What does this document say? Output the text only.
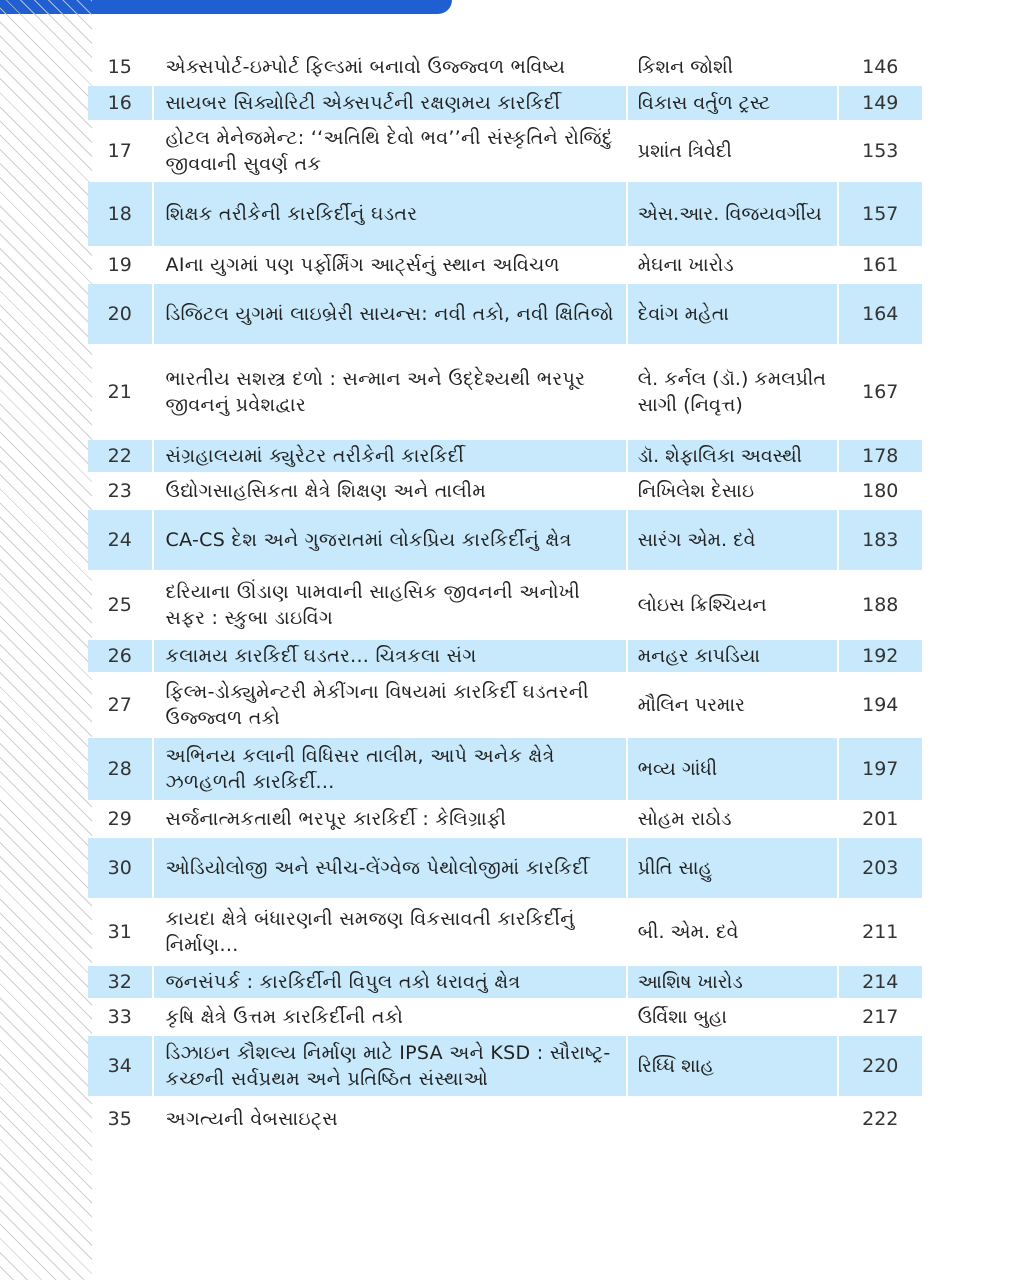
15	એક્સપોર્ટ-ઇમ્પોર્ટ ફિલ્ડમાં બનાવો ઉજ્જ્વળ ભવિષ્ય	કિશન જોશી	146
16	સાયબર સિક્યોરિટી એક્સપર્ટની રક્ષણમય કારકિર્દી	વિકાસ વર્તુળ ટ્રસ્ટ	149
17	હોટલ મેનેજમેન્ટ: ‘‘અતિથિ દેવો ભવ’’ની સંસ્કૃતિને રોજિંદું જીવવાની સુવર્ણ તક	પ્રશાંત ત્રિવેદી	153
18	શિક્ષક તરીકેની કારકિર્દીનું ઘડતર	એસ.આર. વિજયવર્ગીય	157
19	AIના યુગમાં પણ પર્ફોર્મિંગ આર્ટ્સનું સ્થાન અવિચળ	મેઘના ખારોડ	161
20	ડિજિટલ યુગમાં લાઇબ્રેરી સાયન્સ: નવી તકો, નવી ક્ષિતિજો	દેવાંગ મહેતા	164
21	ભારતીય સશસ્ત્ર દળો : સન્માન અને ઉદ્દેશ્યથી ભરપૂર જીવનનું પ્રવેશદ્વાર	લે. કર્નલ (ડૉ.) કમલપ્રીત સાગી (નિવૃત્ત)	167
22	સંગ્રહાલયમાં ક્યુરેટર તરીકેની કારકિર્દી	ડૉ. શેફાલિકા અવસ્થી	178
23	ઉદ્યોગસાહસિકતા ક્ષેત્રે શિક્ષણ અને તાલીમ	નિખિલેશ દેસાઇ	180
24	CA-CS દેશ અને ગુજરાતમાં લોકપ્રિય કારકિર્દીનું ક્ષેત્ર	સારંગ એમ. દવે	183
25	દરિયાના ઊંડાણ પામવાની સાહસિક જીવનની અનોખી સફર : સ્કુબા ડાઇવિંગ	લોઇસ ક્રિશ્ચિયન	188
26	કલામય કારકિર્દી ઘડતર... ચિત્રકલા સંગ	મનહર કાપડિયા	192
27	ફિલ્મ-ડોક્યુમેન્ટરી મેકીંગના વિષયમાં કારકિર્દી ઘડતરની ઉજ્જ્વળ તકો	મૌલિન પરમાર	194
28	અભિનય કલાની વિધિસર તાલીમ, આપે અનેક ક્ષેત્રે ઝળહળતી કારકિર્દી...	ભવ્ય ગાંધી	197
29	સર્જનાત્મકતાથી ભરપૂર કારકિર્દી : કેલિગ્રાફી	સોહમ રાઠોડ	201
30	ઓડિયોલોજી અને સ્પીચ-લેંગ્વેજ પેથોલોજીમાં કારકિર્દી	પ્રીતિ સાહુ	203
31	કાયદા ક્ષેત્રે બંધારણની સમજણ વિકસાવતી કારકિર્દીનું નિર્માણ...	બી. એમ. દવે	211
32	જનસંપર્ક : કારકિર્દીની વિપુલ તકો ધરાવતું ક્ષેત્ર	આશિષ ખારોડ	214
33	કૃષિ ક્ષેત્રે ઉત્તમ કારકિર્દીની તકો	ઉર્વિશા બુહા	217
34	ડિઝાઇન કૌશલ્ય નિર્માણ માટે IPSA અને KSD : સૌરાષ્ટ્ર-કચ્છની સર્વપ્રથમ અને પ્રતિષ્ઠિત સંસ્થાઓ	રિધ્ધિ શાહ	220
35	અગત્યની વેબસાઇટ્સ		222
